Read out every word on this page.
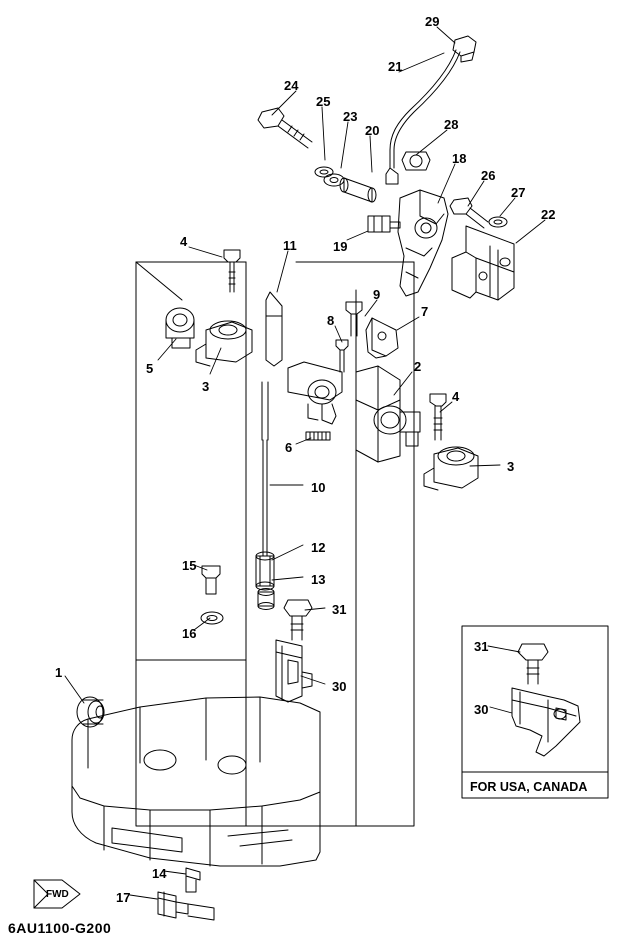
29
21
24
25
23
20	28
18
26
27
22
19
4	11
9
8
7
5
3
2
4
3
6
10
12
15
13
31
16
30
31
30
1
14
17
FOR USA, CANADA
FWD
6AU1100-G200
